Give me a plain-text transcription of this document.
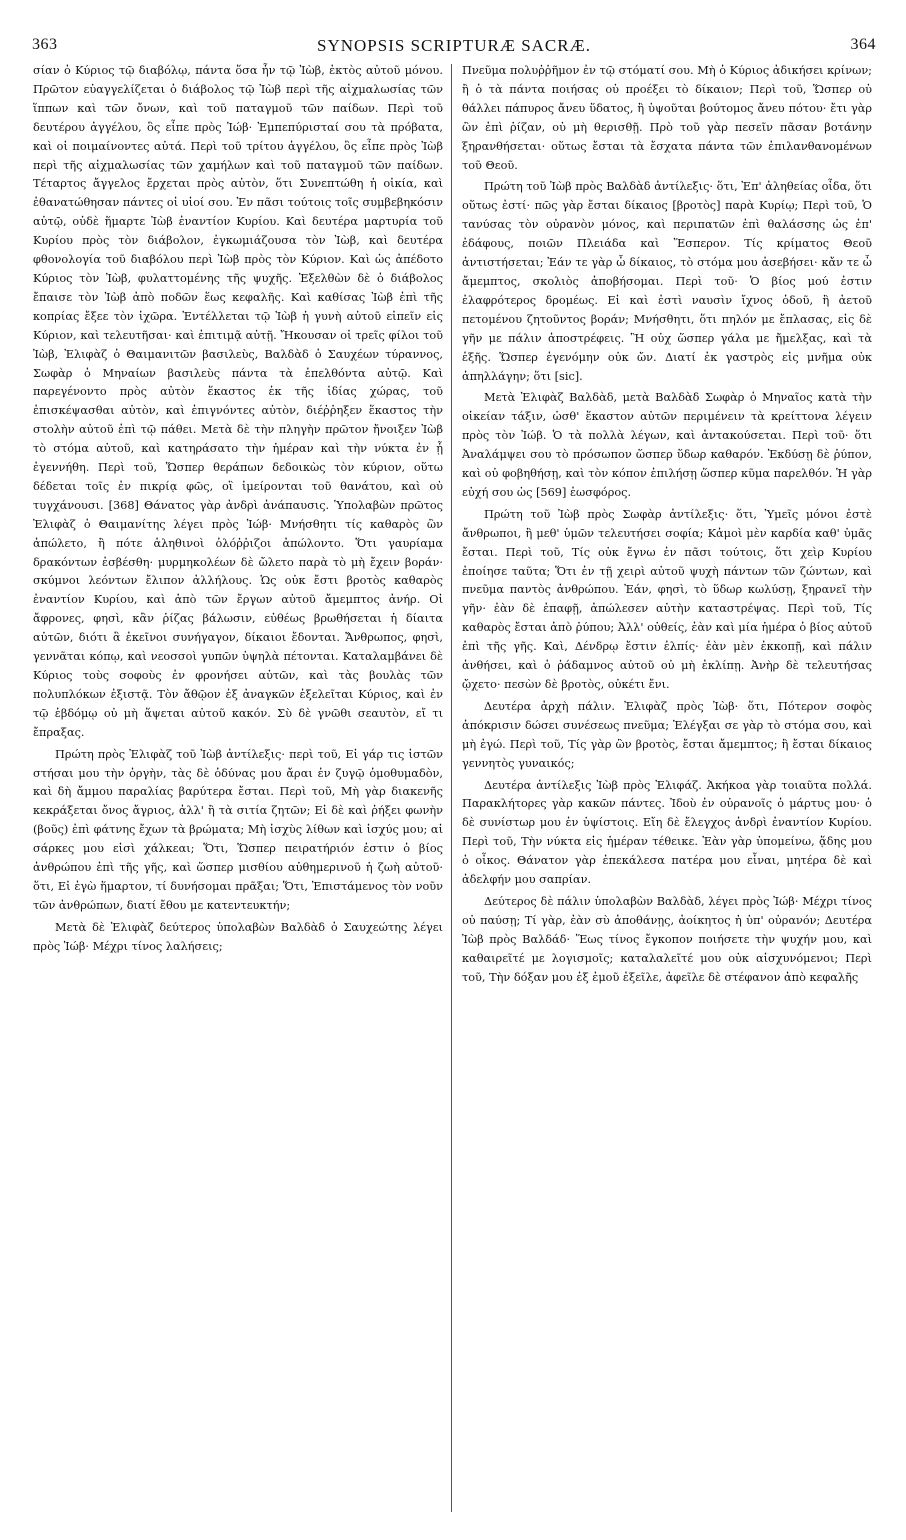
363	SYNOPSIS SCRIPTURÆ SACRÆ.	364

σίαν ὁ Κύριος τῷ διαβόλῳ, πάντα ὅσα ἦν τῷ Ἰὼβ, ἐκτὸς αὐτοῦ μόνου. Πρῶτον εὐαγγελίζεται ὁ διάβολος τῷ Ἰὼβ περὶ τῆς αἰχμαλωσίας τῶν ἵππων καὶ τῶν ὄνων, καὶ τοῦ παταγμοῦ τῶν παίδων. Περὶ τοῦ δευτέρου ἀγγέλου, ὃς εἶπε πρὸς Ἰώβ· Ἐμπεπύρισταί σου τὰ πρόβατα, καὶ οἱ ποιμαίνοντες αὐτά. Περὶ τοῦ τρίτου ἀγγέλου, ὃς εἶπε πρὸς Ἰὼβ περὶ τῆς αἰχμαλωσίας τῶν χαμήλων καὶ τοῦ παταγμοῦ τῶν παίδων. Τέταρτος ἄγγελος ἔρχεται πρὸς αὐτὸν, ὅτι Συνεπτώθη ἡ οἰκία, καὶ ἐθανατώθησαν πάντες οἱ υἱοί σου. Ἐν πᾶσι τούτοις τοῖς συμβεβηκόσιν αὐτῷ, οὐδὲ ἥμαρτε Ἰὼβ ἐναντίον Κυρίου. Καὶ δευτέρα μαρτυρία τοῦ Κυρίου πρὸς τὸν διάβολον, ἐγκωμιάζουσα τὸν Ἰὼβ, καὶ δευτέρα φθονολογία τοῦ διαβόλου περὶ Ἰὼβ πρὸς τὸν Κύριον. Καὶ ὡς ἀπέδοτο Κύριος τὸν Ἰὼβ, φυλαττομένης τῆς ψυχῆς. Ἐξελθὼν δὲ ὁ διάβολος ἔπαισε τὸν Ἰὼβ ἀπὸ ποδῶν ἕως κεφαλῆς. Καὶ καθίσας Ἰὼβ ἐπὶ τῆς κοπρίας ἔξεε τὸν ἰχῶρα. Ἐντέλλεται τῷ Ἰὼβ ἡ γυνὴ αὐτοῦ εἰπεῖν εἰς Κύριον, καὶ τελευτῆσαι· καὶ ἐπιτιμᾷ αὐτῇ. Ἤκουσαν οἱ τρεῖς φίλοι τοῦ Ἰὼβ, Ἐλιφὰζ ὁ Θαιμανιτῶν βασιλεὺς, Βαλδὰδ ὁ Σαυχέων τύραννος, Σωφὰρ ὁ Μηναίων βασιλεὺς πάντα τὰ ἐπελθόντα αὐτῷ. Καὶ παρεγένοντο πρὸς αὐτὸν ἕκαστος ἐκ τῆς ἰδίας χώρας, τοῦ ἐπισκέψασθαι αὐτὸν, καὶ ἐπιγνόντες αὐτὸν, διέῤῥηξεν ἕκαστος τὴν στολὴν αὐτοῦ ἐπὶ τῷ πάθει. Μετὰ δὲ τὴν πληγὴν πρῶτον ἤνοιξεν Ἰὼβ τὸ στόμα αὐτοῦ, καὶ κατηράσατο τὴν ἡμέραν καὶ τὴν νύκτα ἐν ᾗ ἐγεννήθη. Περὶ τοῦ, Ὥσπερ θεράπων δεδοικὼς τὸν κύριον, οὕτω δέδεται τοῖς ἐν πικρίᾳ φῶς, οἳ ἱμείρονται τοῦ θανάτου, καὶ οὐ τυγχάνουσι. [368] Θάνατος γὰρ ἀνδρὶ ἀνάπαυσις. Ὑπολαβὼν πρῶτος Ἐλιφὰζ ὁ Θαιμανίτης λέγει πρὸς Ἰώβ· Μνήσθητι τίς καθαρὸς ὢν ἀπώλετο, ἢ πότε ἀληθινοὶ ὁλόῤῥιζοι ἀπώλοντο. Ὅτι γαυρίαμα δρακόντων ἐσβέσθη· μυρμηκολέων δὲ ὤλετο παρὰ τὸ μὴ ἔχειν βοράν· σκύμνοι λεόντων ἔλιπον ἀλλήλους. Ὡς οὐκ ἔστι βροτὸς καθαρὸς ἐναντίον Κυρίου, καὶ ἀπὸ τῶν ἔργων αὐτοῦ ἄμεμπτος ἀνήρ. Οἱ ἄφρονες, φησὶ, κἂν ῥίζας βάλωσιν, εὐθέως βρωθήσεται ἡ δίαιτα αὐτῶν, διότι ἃ ἐκεῖνοι συνήγαγον, δίκαιοι ἔδονται. Ἄνθρωπος, φησὶ, γεννᾶται κόπῳ, καὶ νεοσσοὶ γυπῶν ὑψηλὰ πέτονται. Καταλαμβάνει δὲ Κύριος τοὺς σοφοὺς ἐν φρονήσει αὐτῶν, καὶ τὰς βουλὰς τῶν πολυπλόκων ἐξιστᾷ. Τὸν ἄθῷον ἐξ ἀναγκῶν ἐξελεῖται Κύριος, καὶ ἐν τῷ ἑβδόμῳ οὐ μὴ ἅψεται αὐτοῦ κακόν. Σὺ δὲ γνῶθι σεαυτὸν, εἴ τι ἔπραξας.

Πρώτη πρὸς Ἐλιφὰζ τοῦ Ἰὼβ ἀντίλεξις· περὶ τοῦ, Εἰ γάρ τις ἱστῶν στήσαι μου τὴν ὀργὴν, τὰς δὲ ὀδύνας μου ἄραι ἐν ζυγῷ ὁμοθυμαδὸν, καὶ δὴ ἄμμου παραλίας βαρύτερα ἔσται. Περὶ τοῦ, Μὴ γὰρ διακενῆς κεκράξεται ὄνος ἄγριος, ἀλλ' ἢ τὰ σιτία ζητῶν; Εἰ δὲ καὶ ῥήξει φωνὴν (βοῦς) ἐπὶ φάτνης ἔχων τὰ βρώματα; Μὴ ἰσχὺς λίθων καὶ ἰσχύς μου; αἱ σάρκες μου εἰσὶ χάλκεαι; Ὅτι, Ὥσπερ πειρατήριόν ἐστιν ὁ βίος ἀνθρώπου ἐπὶ τῆς γῆς, καὶ ὥσπερ μισθίου αὐθημερινοῦ ἡ ζωὴ αὐτοῦ· ὅτι, Εἰ ἐγὼ ἥμαρτον, τί δυνήσομαι πρᾶξαι; Ὅτι, Ἐπιστάμενος τὸν νοῦν τῶν ἀνθρώπων, διατί ἔθου με κατεντευκτήν;

Μετὰ δὲ Ἐλιφὰζ δεύτερος ὑπολαβὼν Βαλδὰδ ὁ Σαυχεώτης λέγει πρὸς Ἰώβ· Μέχρι τίνος λαλήσεις;

Πνεῦμα πολυῤῥῆμον ἐν τῷ στόματί σου. Μὴ ὁ Κύριος ἀδικήσει κρίνων; ἢ ὁ τὰ πάντα ποιήσας οὐ προέξει τὸ δίκαιον; Περὶ τοῦ, Ὥσπερ οὐ θάλλει πάπυρος ἄνευ ὕδατος, ἢ ὑψοῦται βούτομος ἄνευ πότου· ἔτι γὰρ ὢν ἐπὶ ῥίζαν, οὐ μὴ θερισθῇ. Πρὸ τοῦ γὰρ πεσεῖν πᾶσαν βοτάνην ξηρανθήσεται· οὕτως ἔσται τὰ ἔσχατα πάντα τῶν ἐπιλανθανομένων τοῦ Θεοῦ.

Πρώτη τοῦ Ἰὼβ πρὸς Βαλδὰδ ἀντίλεξις· ὅτι, Ἐπ' ἀληθείας οἶδα, ὅτι οὕτως ἐστί· πῶς γὰρ ἔσται δίκαιος [βροτὸς] παρὰ Κυρίῳ; Περὶ τοῦ, Ὁ τανύσας τὸν οὐρανὸν μόνος, καὶ περιπατῶν ἐπὶ θαλάσσης ὡς ἐπ' ἐδάφους, ποιῶν Πλειάδα καὶ Ἕσπερον. Τίς κρίματος Θεοῦ ἀντιστήσεται; Ἐάν τε γὰρ ὦ δίκαιος, τὸ στόμα μου ἀσεβήσει· κἄν τε ὦ ἄμεμπτος, σκολιὸς ἀποβήσομαι. Περὶ τοῦ· Ὁ βίος μού ἐστιν ἐλαφρότερος δρομέως. Εἰ καὶ ἐστὶ ναυσὶν ἴχνος ὁδοῦ, ἢ ἀετοῦ πετομένου ζητοῦντος βοράν; Μνήσθητι, ὅτι πηλόν με ἔπλασας, εἰς δὲ γῆν με πάλιν ἀποστρέφεις. Ἢ οὐχ ὥσπερ γάλα με ἤμελξας, καὶ τὰ ἑξῆς. Ὥσπερ ἐγενόμην οὐκ ὤν. Διατί ἐκ γαστρὸς εἰς μνῆμα οὐκ ἀπηλλάγην; ὅτι [sic].

Μετὰ Ἐλιφὰζ Βαλδὰδ, μετὰ Βαλδὰδ Σωφὰρ ὁ Μηναῖος κατὰ τὴν οἰκείαν τάξιν, ὡσθ' ἕκαστον αὐτῶν περιμένειν τὰ κρείττονα λέγειν πρὸς τὸν Ἰώβ. Ὁ τὰ πολλὰ λέγων, καὶ ἀντακούσεται. Περὶ τοῦ· ὅτι Ἀναλάμψει σου τὸ πρόσωπον ὥσπερ ὕδωρ καθαρόν. Ἐκδύσῃ δὲ ῥύπον, καὶ οὐ φοβηθήσῃ, καὶ τὸν κόπον ἐπιλήσῃ ὥσπερ κῦμα παρελθόν. Ἡ γὰρ εὐχή σου ὡς [569] ἑωσφόρος.

Πρώτη τοῦ Ἰὼβ πρὸς Σωφὰρ ἀντίλεξις· ὅτι, Ὑμεῖς μόνοι ἐστὲ ἄνθρωποι, ἢ μεθ' ὑμῶν τελευτήσει σοφία; Κἀμοὶ μὲν καρδία καθ' ὑμᾶς ἔσται. Περὶ τοῦ, Τίς οὐκ ἔγνω ἐν πᾶσι τούτοις, ὅτι χεὶρ Κυρίου ἐποίησε ταῦτα; Ὅτι ἐν τῇ χειρὶ αὐτοῦ ψυχὴ πάντων τῶν ζώντων, καὶ πνεῦμα παντὸς ἀνθρώπου. Ἐάν, φησὶ, τὸ ὕδωρ κωλύσῃ, ξηρανεῖ τὴν γῆν· ἐὰν δὲ ἐπαφῇ, ἀπώλεσεν αὐτὴν καταστρέψας. Περὶ τοῦ, Τίς καθαρὸς ἔσται ἀπὸ ῥύπου; Ἀλλ' οὐθείς, ἐὰν καὶ μία ἡμέρα ὁ βίος αὐτοῦ ἐπὶ τῆς γῆς. Καὶ, Δένδρῳ ἔστιν ἐλπίς· ἐὰν μὲν ἐκκοπῇ, καὶ πάλιν ἀνθήσει, καὶ ὁ ῥάδαμνος αὐτοῦ οὐ μὴ ἐκλίπῃ. Ἀνὴρ δὲ τελευτήσας ᾤχετο· πεσὼν δὲ βροτὸς, οὐκέτι ἔνι.

Δευτέρα ἀρχὴ πάλιν. Ἐλιφὰζ πρὸς Ἰὼβ· ὅτι, Πότερον σοφὸς ἀπόκρισιν δώσει συνέσεως πνεῦμα; Ἐλέγξαι σε γὰρ τὸ στόμα σου, καὶ μὴ ἐγώ. Περὶ τοῦ, Τίς γὰρ ὢν βροτὸς, ἔσται ἄμεμπτος; ἢ ἔσται δίκαιος γεννητὸς γυναικός;

Δευτέρα ἀντίλεξις Ἰὼβ πρὸς Ἐλιφάζ. Ἀκήκοα γὰρ τοιαῦτα πολλά. Παρακλήτορες γὰρ κακῶν πάντες. Ἰδοὺ ἐν οὐρανοῖς ὁ μάρτυς μου· ὁ δὲ συνίστωρ μου ἐν ὑψίστοις. Εἴη δὲ ἔλεγχος ἀνδρὶ ἐναντίον Κυρίου. Περὶ τοῦ, Τὴν νύκτα εἰς ἡμέραν τέθεικε. Ἐὰν γὰρ ὑπομείνω, ᾅδης μου ὁ οἶκος. Θάνατον γὰρ ἐπεκάλεσα πατέρα μου εἶναι, μητέρα δὲ καὶ ἀδελφήν μου σαπρίαν.

Δεύτερος δὲ πάλιν ὑπολαβὼν Βαλδὰδ, λέγει πρὸς Ἰώβ· Μέχρι τίνος οὐ παύσῃ; Τί γὰρ, ἐὰν σὺ ἀποθάνῃς, ἀοίκητος ἡ ὑπ' οὐρανόν; Δευτέρα Ἰὼβ πρὸς Βαλδάδ· Ἕως τίνος ἔγκοπον ποιήσετε τὴν ψυχήν μου, καὶ καθαιρεῖτέ με λογισμοῖς; καταλαλεῖτέ μου οὐκ αἰσχυνόμενοι; Περὶ τοῦ, Τὴν δόξαν μου ἐξ ἐμοῦ ἐξεῖλε, ἀφεῖλε δὲ στέφανον ἀπὸ κεφαλῆς
